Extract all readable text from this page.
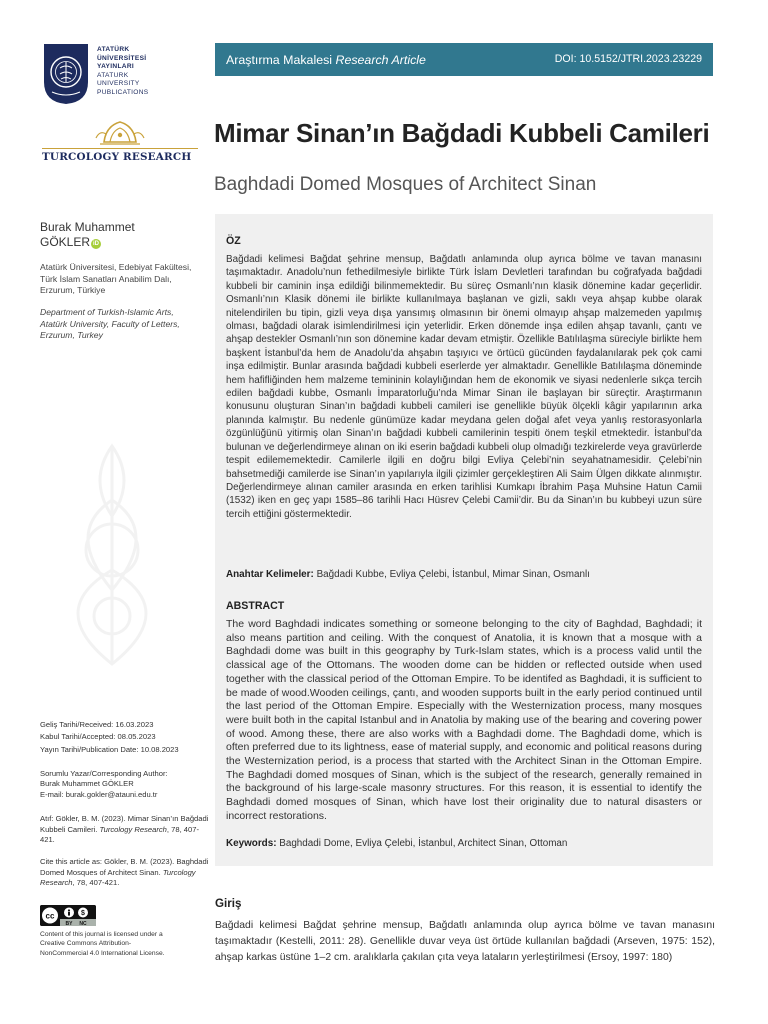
ATATÜRK
ÜNİVERSİTESİ
YAYINLARI
ATATURK
UNIVERSITY
PUBLICATIONS
TURCOLOGY RESEARCH
Burak Muhammet
GÖKLER iD
Atatürk Üniversitesi, Edebiyat Fakültesi, Türk İslam Sanatları Anabilim Dalı, Erzurum, Türkiye
Department of Turkish-Islamic Arts, Atatürk University, Faculty of Letters, Erzurum, Turkey
Geliş Tarihi/Received: 16.03.2023
Kabul Tarihi/Accepted: 08.05.2023
Yayın Tarihi/Publication Date: 10.08.2023
Sorumlu Yazar/Corresponding Author:
Burak Muhammet GÖKLER
E-mail: burak.gokler@atauni.edu.tr
Atıf: Gökler, B. M. (2023). Mimar Sinan’ın Bağdadi Kubbeli Camileri. Turcology Research, 78, 407-421.
Cite this article as: Gökler, B. M. (2023). Baghdadi Domed Mosques of Architect Sinan. Turcology Research, 78, 407-421.
cc	$
BY NC
Content of this journal is licensed under a Creative Commons Attribution-NonCommercial 4.0 International License.
Araştırma Makalesi Research Article	DOI: 10.5152/JTRI.2023.23229
Mimar Sinan’ın Bağdadi Kubbeli Camileri
Baghdadi Domed Mosques of Architect Sinan
ÖZ
Bağdadi kelimesi Bağdat şehrine mensup, Bağdatlı anlamında olup ayrıca bölme ve tavan manasını taşımaktadır. Anadolu’nun fethedilmesiyle birlikte Türk İslam Devletleri tarafından bu coğrafyada bağdadi kubbeli bir caminin inşa edildiği bilinmemektedir. Bu süreç Osmanlı’nın klasik dönemine kadar geçerlidir. Osmanlı’nın Klasik dönemi ile birlikte kullanılmaya başlanan ve gizli, saklı veya ahşap kubbe olarak nitelendirilen bu tipin, gizli veya dışa yansımış olmasının bir önemi olmayıp ahşap malzemeden yapılmış olması, bağdadi olarak isimlendirilmesi için yeterlidir. Erken dönemde inşa edilen ahşap tavanlı, çantı ve ahşap destekler Osmanlı’nın son dönemine kadar devam etmiştir. Özellikle Batılılaşma süreciyle birlikte hem başkent İstanbul’da hem de Anadolu’da ahşabın taşıyıcı ve örtücü gücünden faydalanılarak pek çok cami inşa edilmiştir. Bunlar arasında bağdadi kubbeli eserlerde yer almaktadır. Genellikle Batılılaşma döneminde hem hafifliğinden hem malzeme temininin kolaylığından hem de ekonomik ve siyasi nedenlerle sıkça tercih edilen bağdadi kubbe, Osmanlı İmparatorluğu’nda Mimar Sinan ile başlayan bir süreçtir. Araştırmanın konusunu oluşturan Sinan’ın bağdadi kubbeli camileri ise genellikle büyük ölçekli kâgir yapılarının arka planında kalmıştır. Bu nedenle günümüze kadar meydana gelen doğal afet veya yanlış restorasyonlarla özgünlüğünü yitirmiş olan Sinan’ın bağdadi kubbeli camilerinin tespiti önem teşkil etmektedir. İstanbul’da bulunan ve değerlendirmeye alınan on iki eserin bağdadi kubbeli olup olmadığı tezkirelerde veya gravürlerde tespit edilememektedir. Camilerle ilgili en doğru bilgi Evliya Çelebi’nin seyahatnamesidir. Çelebi’nin bahsetmediği camilerde ise Sinan’ın yapılarıyla ilgili çizimler gerçekleştiren Ali Saim Ülgen dikkate alınmıştır. Değerlendirmeye alınan camiler arasında en erken tarihlisi Kumkapı İbrahim Paşa Muhsine Hatun Camii (1532) iken en geç yapı 1585–86 tarihli Hacı Hüsrev Çelebi Camii’dir. Bu da Sinan’ın bu kubbeyi uzun süre tercih ettiğini göstermektedir.
Anahtar Kelimeler: Bağdadi Kubbe, Evliya Çelebi, İstanbul, Mimar Sinan, Osmanlı
ABSTRACT
The word Baghdadi indicates something or someone belonging to the city of Baghdad, Baghdadi; it also means partition and ceiling. With the conquest of Anatolia, it is known that a mosque with a Baghdadi dome was built in this geography by Turk-Islam states, which is a process valid until the classical age of the Ottomans. The wooden dome can be hidden or reflected outside when used together with the classical period of the Ottoman Empire. To be identifed as Baghdadi, it is sufficient to be made of wood.Wooden ceilings, çantı, and wooden supports built in the early period continued until the last period of the Ottoman Empire. Especially with the Westernization process, many mosques were built both in the capital Istanbul and in Anatolia by making use of the bearing and covering power of wood. Among these, there are also works with a Baghdadi dome. The Baghdadi dome, which is often preferred due to its lightness, ease of material supply, and economic and political reasons during the Westernization period, is a process that started with the Architect Sinan in the Ottoman Empire. The Baghdadi domed mosques of Sinan, which is the subject of the research, generally remained in the background of his large-scale masonry structures. For this reason, it is essential to identify the Baghdadi domed mosques of Sinan, which have lost their originality due to natural disasters or incorrect restorations.
Keywords: Baghdadi Dome, Evliya Çelebi, İstanbul, Architect Sinan, Ottoman
Giriş
Bağdadi kelimesi Bağdat şehrine mensup, Bağdatlı anlamında olup ayrıca bölme ve tavan manasını taşımaktadır (Kestelli, 2011: 28). Genellikle duvar veya üst örtüde kullanılan bağdadi (Arseven, 1975: 152), ahşap karkas üstüne 1–2 cm. aralıklarla çakılan çıta veya lataların yerleştirilmesi (Ersoy, 1997: 180)
